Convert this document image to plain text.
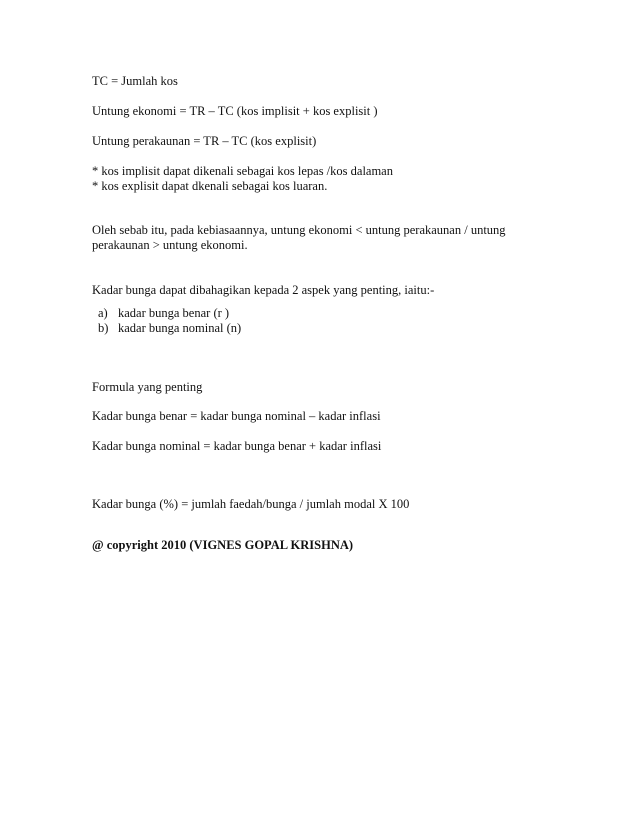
TC = Jumlah kos
Untung ekonomi = TR – TC (kos implisit + kos explisit )
Untung perakaunan = TR – TC (kos explisit)
* kos implisit dapat dikenali sebagai kos lepas /kos dalaman
* kos explisit dapat dkenali sebagai kos luaran.
Oleh sebab itu, pada kebiasaannya, untung ekonomi < untung perakaunan / untung
perakaunan > untung ekonomi.
Kadar bunga dapat dibahagikan kepada 2 aspek yang penting, iaitu:-
a) kadar bunga benar (r )
b) kadar bunga nominal (n)
Formula yang penting
Kadar bunga benar = kadar bunga nominal – kadar inflasi
Kadar bunga nominal = kadar bunga benar + kadar inflasi
Kadar bunga (%) = jumlah faedah/bunga / jumlah modal X 100
@ copyright 2010 (VIGNES GOPAL KRISHNA)
